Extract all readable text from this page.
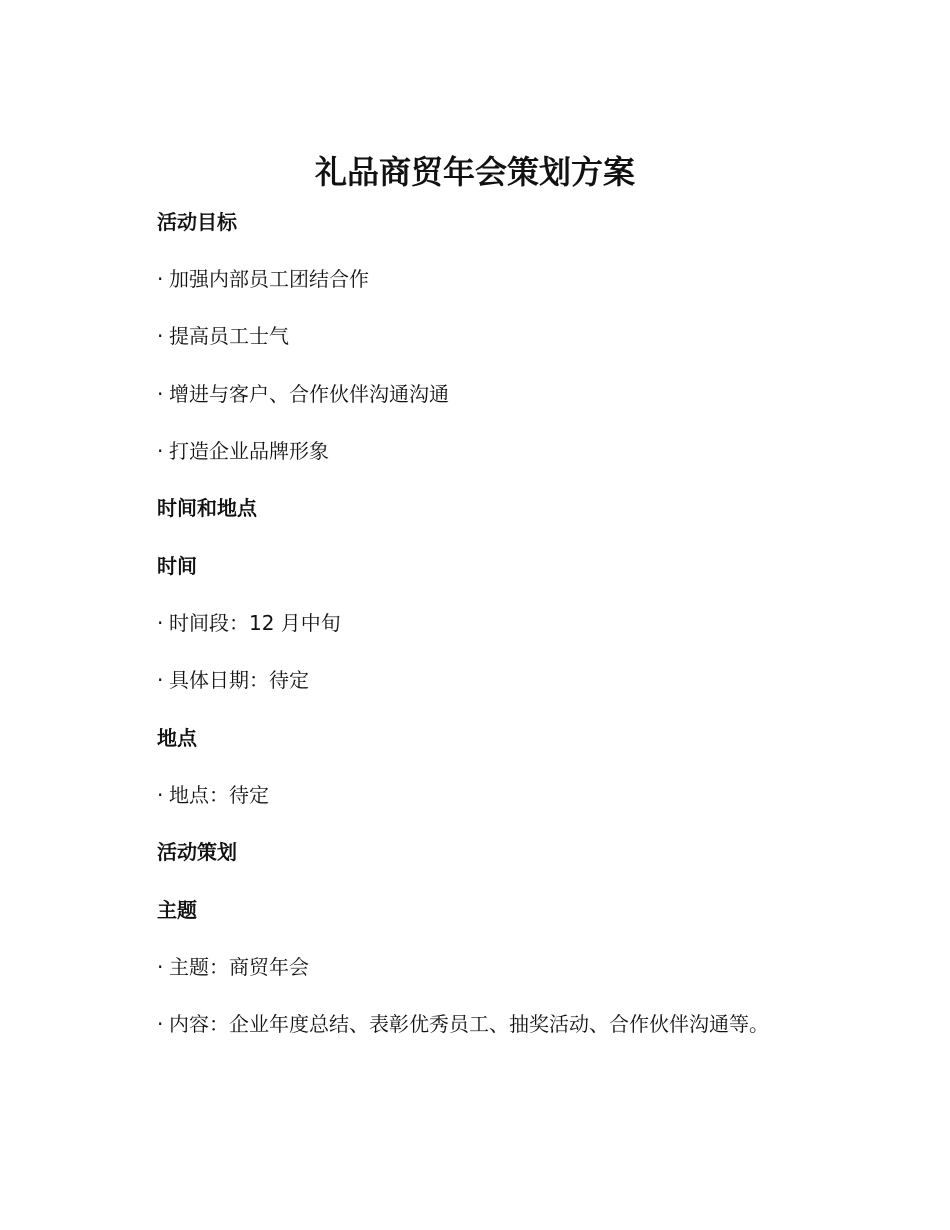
礼品商贸年会策划方案

活动目标

· 加强内部员工团结合作

· 提高员工士气

· 增进与客户、合作伙伴沟通沟通

· 打造企业品牌形象

时间和地点

时间

· 时间段：12 月中旬

· 具体日期：待定

地点

· 地点：待定

活动策划

主题

· 主题：商贸年会

· 内容：企业年度总结、表彰优秀员工、抽奖活动、合作伙伴沟通等。
